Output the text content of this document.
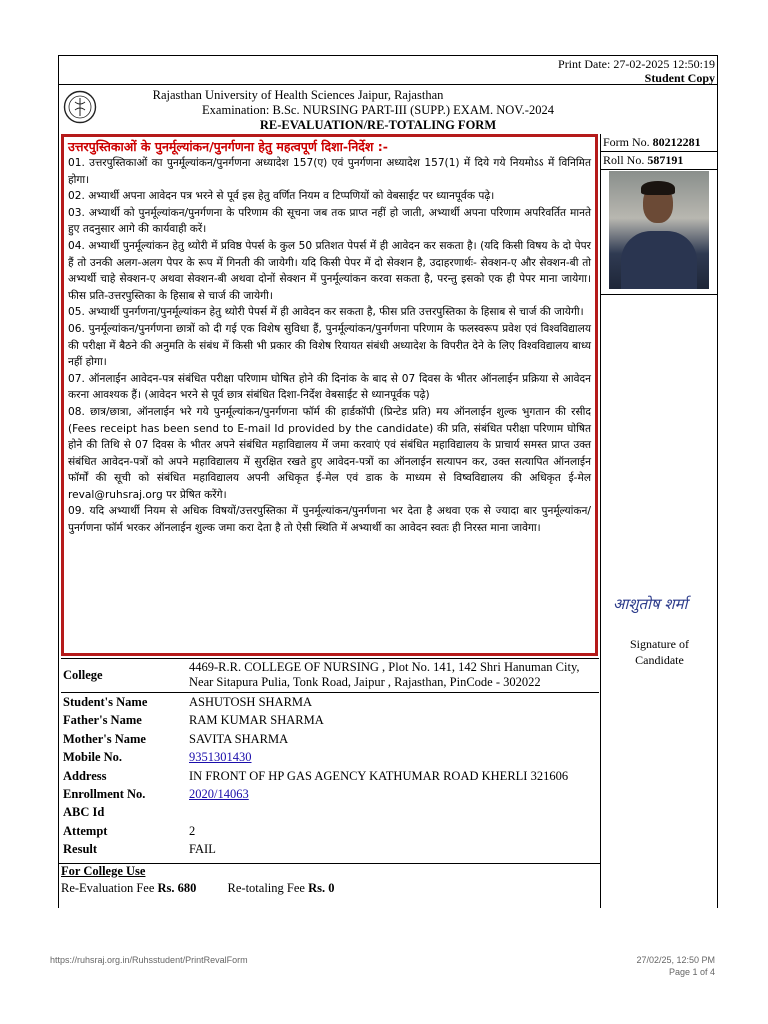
Print Date: 27-02-2025 12:50:19
Student Copy
Rajasthan University of Health Sciences Jaipur, Rajasthan
Examination: B.Sc. NURSING PART-III (SUPP.) EXAM. NOV.-2024
RE-EVALUATION/RE-TOTALING FORM
उत्तरपुस्तिकाओं के पुनर्मूल्यांकन/पुनर्गणना हेतु महत्वपूर्ण दिशा-निर्देश :-
01. उत्तरपुस्तिकाओं का पुनर्मूल्यांकन/पुनर्गणना अध्यादेश 157(ए) एवं पुनर्गणना अध्यादेश 157(1) में दिये गये नियमो‌ऽ‌ऽ में विनिमित होगा।
02. अभ्यार्थी अपना आवेदन पत्र भरने से पूर्व इस हेतु वर्णित नियम व टिप्पणियों को वेबसाईट पर ध्यानपूर्वक पढ़े।
03. अभ्यार्थी को पुनर्मूल्यांकन/पुनर्गणना के परिणाम की सूचना जब तक प्राप्त नहीं हो जाती, अभ्यार्थी अपना परिणाम अपरिवर्तित मानते हुए तदनुसार आगे की कार्यवाही करें।
04. अभ्यार्थी पुनर्मूल्यांकन हेतु थ्योरी में प्रविष्ठ पेपर्स के कुल 50 प्रतिशत पेपर्स में ही आवेदन कर सकता है। (यदि किसी विषय के दो पेपर हैं तो उनकी अलग-अलग पेपर के रूप में गिनती की जायेगी। यदि किसी पेपर में दो सेक्शन है, उदाहरणार्थः- सेक्शन-ए और सेक्शन-बी तो अभ्यर्थी चाहे सेक्शन-ए अथवा सेक्शन-बी अथवा दोनों सेक्शन में पुनर्मूल्यांकन करवा सकता है, परन्तु इसको एक ही पेपर माना जायेगा। फीस प्रति-उत्तरपुस्तिका के हिसाब से चार्ज की जायेगी।
05. अभ्यार्थी पुनर्गणना/पुनर्मूल्यांकन हेतु थ्योरी पेपर्स में ही आवेदन कर सकता है, फीस प्रति उत्तरपुस्तिका के हिसाब से चार्ज की जायेगी।
06. पुनर्मूल्यांकन/पुनर्गणना छात्रों को दी गई एक विशेष सुविधा हैं, पुनर्मूल्यांकन/पुनर्गणना परिणाम के फलस्वरूप प्रवेश एवं विश्वविद्यालय की परीक्षा में बैठने की अनुमति के संबंध में किसी भी प्रकार की विशेष रियायत संबंधी अध्यादेश के विपरीत देने के लिए विश्वविद्यालय बाध्य नहीं होगा।
07. ऑनलाईन आवेदन-पत्र संबंधित परीक्षा परिणाम घोषित होने की दिनांक के बाद से 07 दिवस के भीतर ऑनलाईन प्रक्रिया से आवेदन करना आवश्यक हैं। (आवेदन भरने से पूर्व छात्र संबंधित दिशा-निर्देश वेबसाईट से ध्यानपूर्वक पढ़े)
08. छात्र/छात्रा, ऑनलाईन भरे गये पुनर्मूल्यांकन/पुनर्गणना फॉर्म की हार्डकॉपी (प्रिन्टेड प्रति) मय ऑनलाईन शुल्क भुगतान की रसीद (Fees receipt has been send to E-mail Id provided by the candidate) की प्रति, संबंधित परीक्षा परिणाम घोषित होने की तिथि से 07 दिवस के भीतर अपने संबंधित महाविद्यालय में जमा करवाएं एवं संबंधित महाविद्यालय के प्राचार्य समस्त प्राप्त उक्त संबंधित आवेदन-पत्रों को अपने महाविद्यालय में सुरक्षित रखते हुए आवेदन-पत्रों का ऑनलाईन सत्यापन कर, उक्त सत्यापित ऑनलाईन फॉर्मों की सूची को संबंधित महाविद्यालय अपनी अधिकृत ई-मेल एवं डाक के माध्यम से विष्वविद्यालय की अधिकृत ई-मेल reval@ruhsraj.org पर प्रेषित करेंगे।
09. यदि अभ्यार्थी नियम से अधिक विषयों/उत्तरपुस्तिका में पुनर्मूल्यांकन/पुनर्गणना भर देता है अथवा एक से ज्यादा बार पुनर्मूल्यांकन/पुनर्गणना फॉर्म भरकर ऑनलाईन शुल्क जमा करा देता है तो ऐसी स्थिति में अभ्यार्थी का आवेदन स्वतः ही निरस्त माना जावेगा।
Form No. 80212281
Roll No. 587191
आशुतोष शर्मा
Signature of
Candidate
College
4469-R.R. COLLEGE OF NURSING , Plot No. 141, 142 Shri Hanuman City,
Near Sitapura Pulia, Tonk Road, Jaipur , Rajasthan, PinCode - 302022
Student's Name	ASHUTOSH SHARMA
Father's Name	RAM KUMAR SHARMA
Mother's Name	SAVITA SHARMA
Mobile No.	9351301430
Address	IN FRONT OF HP GAS AGENCY KATHUMAR ROAD KHERLI 321606
Enrollment No.	2020/14063
ABC Id
Attempt	2
Result	FAIL
For College Use
Re-Evaluation Fee Rs. 680 Re-totaling Fee Rs. 0
https://ruhsraj.org.in/Ruhsstudent/PrintRevalForm	27/02/25, 12:50 PM
Page 1 of 4
